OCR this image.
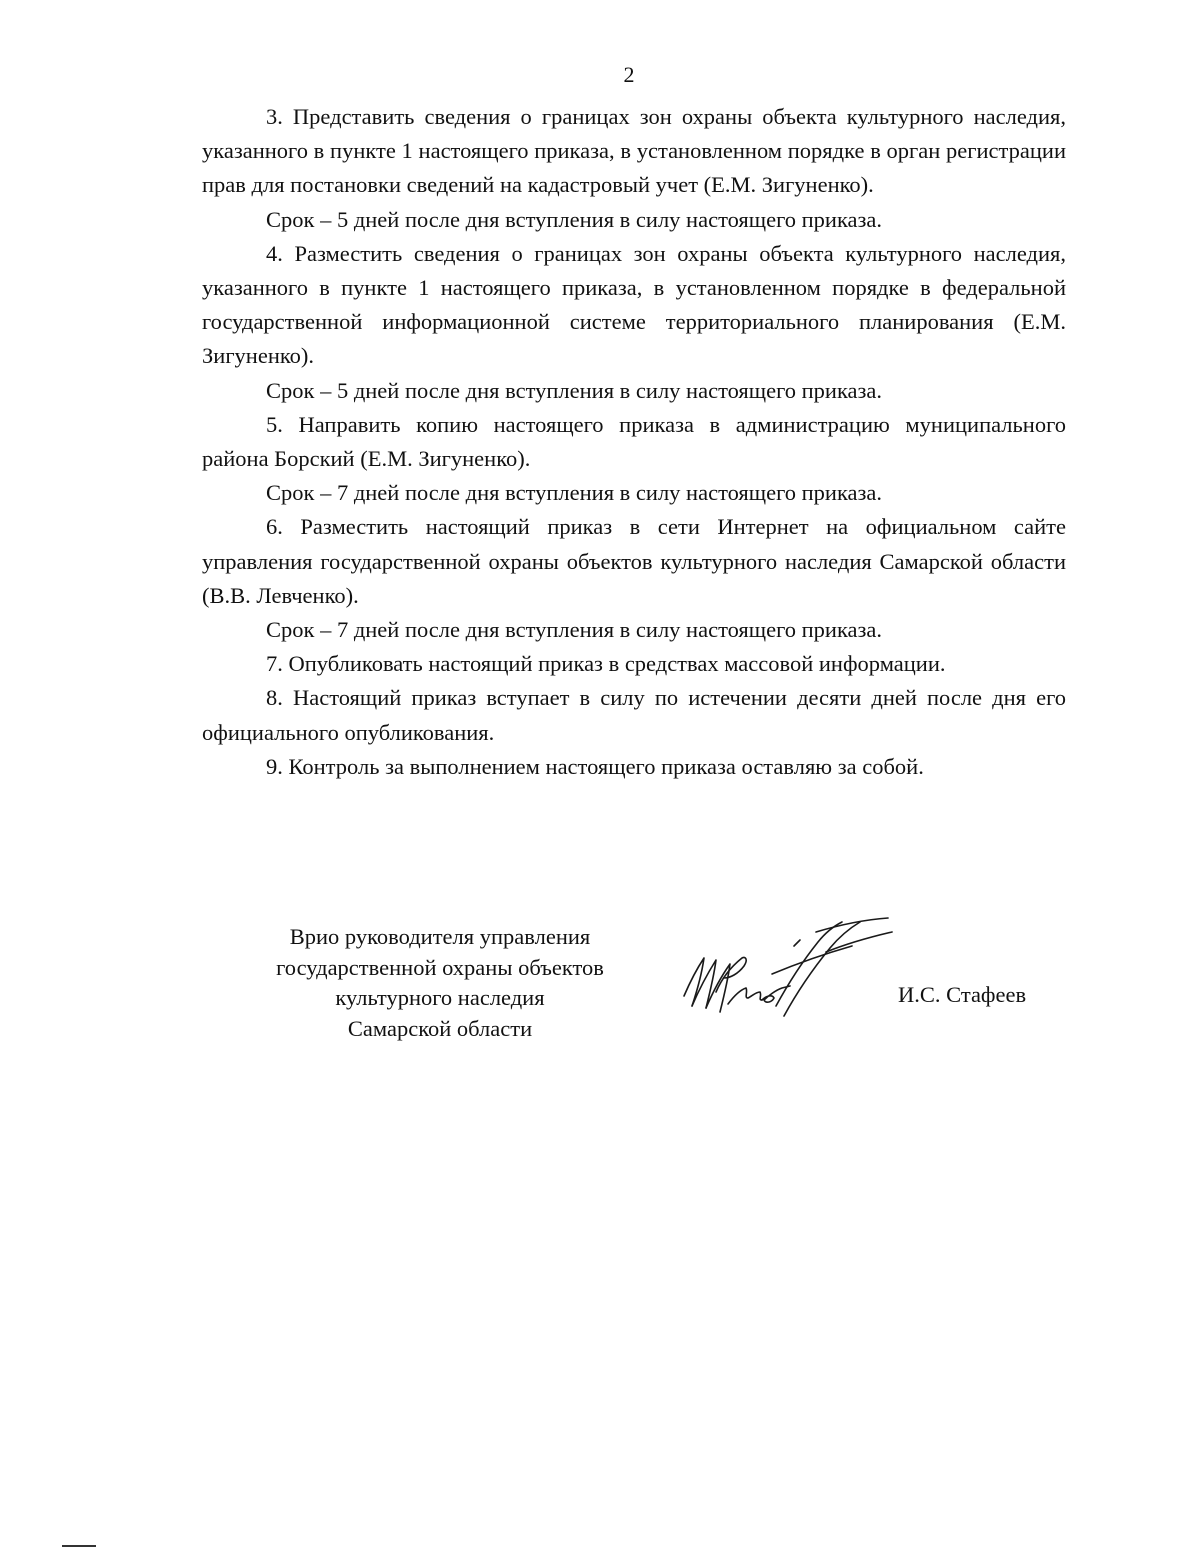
2

3. Представить сведения о границах зон охраны объекта культурного наследия, указанного в пункте 1 настоящего приказа, в установленном порядке в орган регистрации прав для постановки сведений на кадастровый учет (Е.М. Зигуненко).

Срок – 5 дней после дня вступления в силу настоящего приказа.

4. Разместить сведения о границах зон охраны объекта культурного наследия, указанного в пункте 1 настоящего приказа, в установленном порядке в федеральной государственной информационной системе территориального планирования (Е.М. Зигуненко).

Срок – 5 дней после дня вступления в силу настоящего приказа.

5. Направить копию настоящего приказа в администрацию муниципального района Борский (Е.М. Зигуненко).

Срок – 7 дней после дня вступления в силу настоящего приказа.

6. Разместить настоящий приказ в сети Интернет на официальном сайте управления государственной охраны объектов культурного наследия Самарской области (В.В. Левченко).

Срок – 7 дней после дня вступления в силу настоящего приказа.

7. Опубликовать настоящий приказ в средствах массовой информации.

8. Настоящий приказ вступает в силу по истечении десяти дней после дня его официального опубликования.

9. Контроль за выполнением настоящего приказа оставляю за собой.

Врио руководителя управления
государственной охраны объектов
культурного наследия
Самарской области
И.С. Стафеев
